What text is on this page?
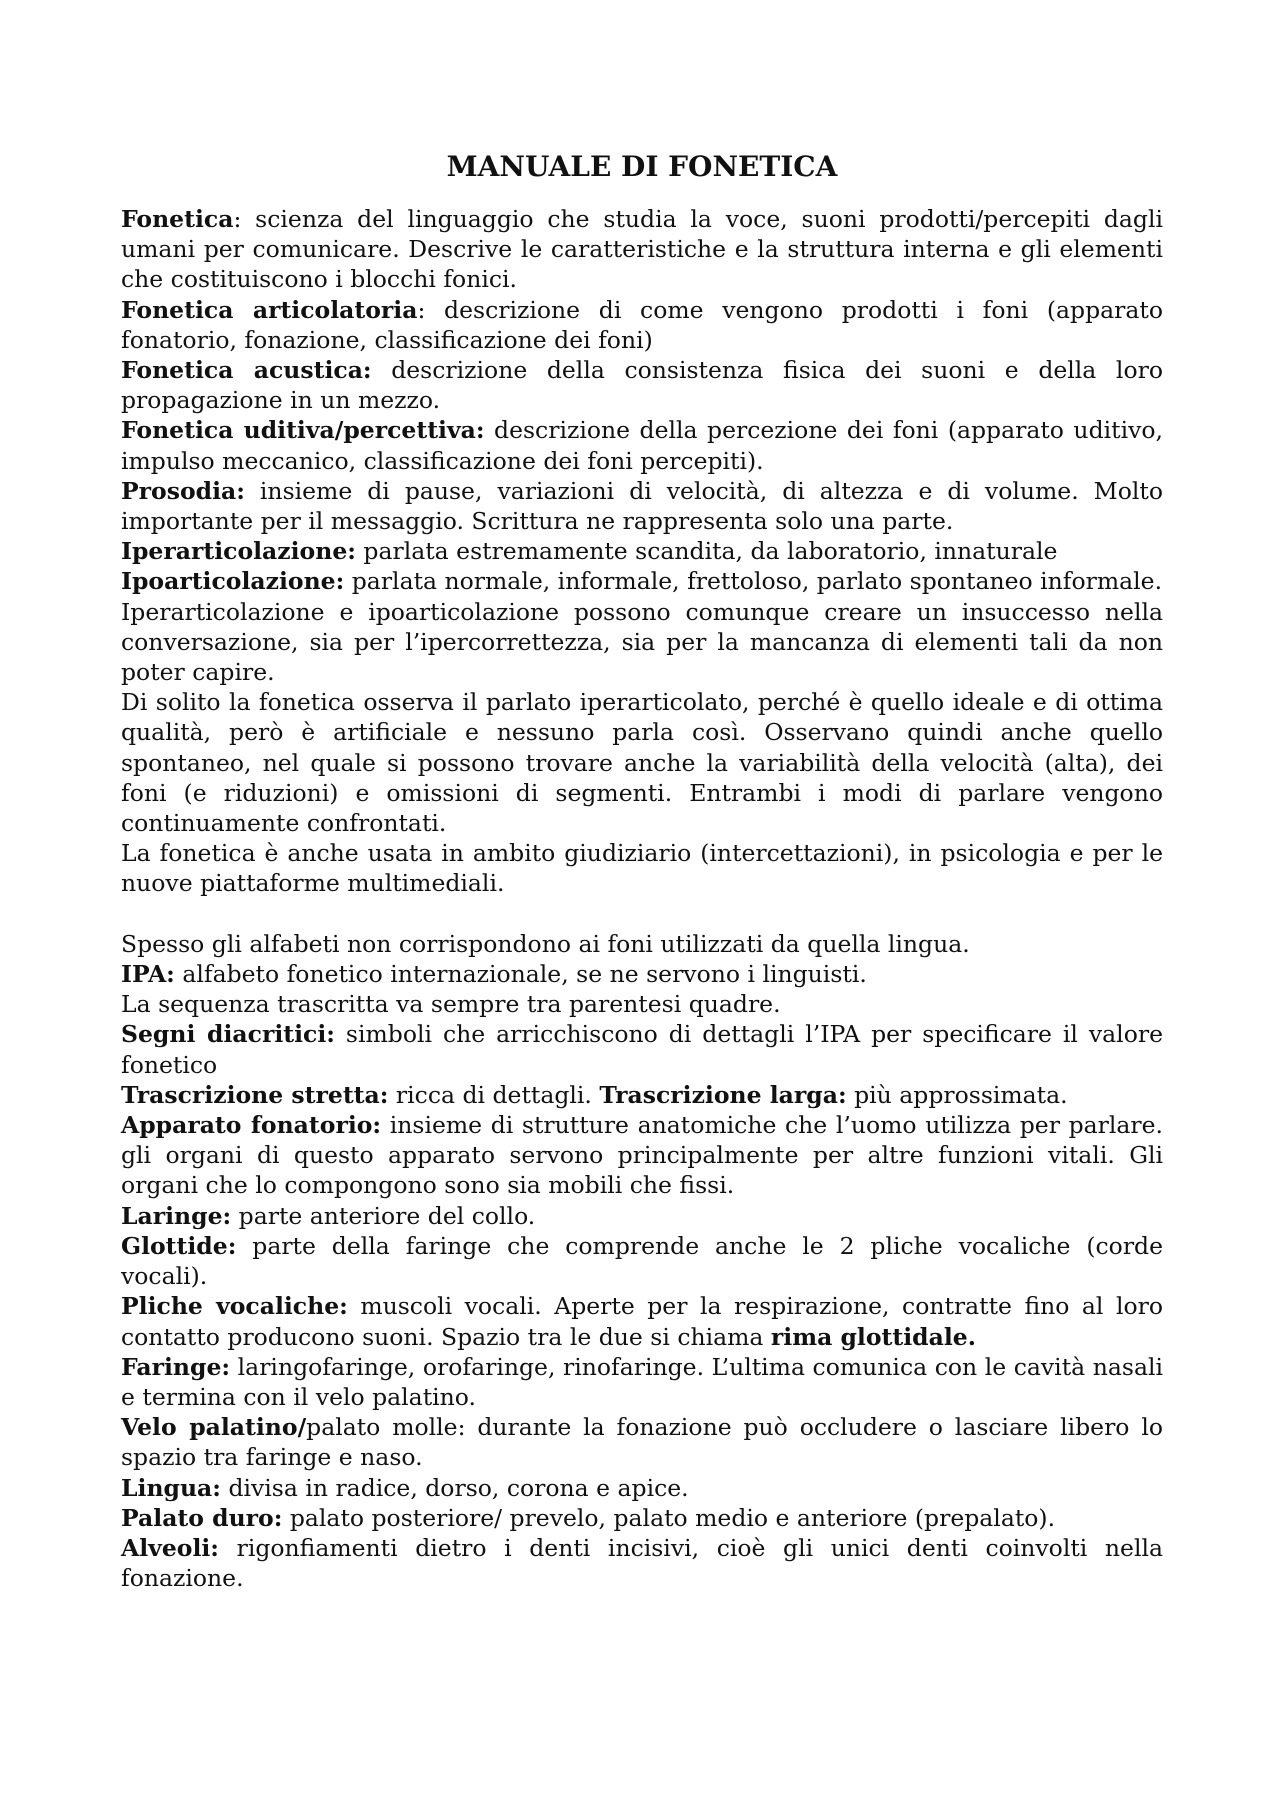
MANUALE DI FONETICA

Fonetica: scienza del linguaggio che studia la voce, suoni prodotti/percepiti dagli umani per comunicare. Descrive le caratteristiche e la struttura interna e gli elementi che costituiscono i blocchi fonici.

Fonetica articolatoria: descrizione di come vengono prodotti i foni (apparato fonatorio, fonazione, classificazione dei foni)

Fonetica acustica: descrizione della consistenza fisica dei suoni e della loro propagazione in un mezzo.

Fonetica uditiva/percettiva: descrizione della percezione dei foni (apparato uditivo, impulso meccanico, classificazione dei foni percepiti).

Prosodia: insieme di pause, variazioni di velocità, di altezza e di volume. Molto importante per il messaggio. Scrittura ne rappresenta solo una parte.

Iperarticolazione: parlata estremamente scandita, da laboratorio, innaturale

Ipoarticolazione: parlata normale, informale, frettoloso, parlato spontaneo informale.

Iperarticolazione e ipoarticolazione possono comunque creare un insuccesso nella conversazione, sia per l’ipercorrettezza, sia per la mancanza di elementi tali da non poter capire.

Di solito la fonetica osserva il parlato iperarticolato, perché è quello ideale e di ottima qualità, però è artificiale e nessuno parla così. Osservano quindi anche quello spontaneo, nel quale si possono trovare anche la variabilità della velocità (alta), dei foni (e riduzioni) e omissioni di segmenti. Entrambi i modi di parlare vengono continuamente confrontati.

La fonetica è anche usata in ambito giudiziario (intercettazioni), in psicologia e per le nuove piattaforme multimediali.

Spesso gli alfabeti non corrispondono ai foni utilizzati da quella lingua.

IPA: alfabeto fonetico internazionale, se ne servono i linguisti.

La sequenza trascritta va sempre tra parentesi quadre.

Segni diacritici: simboli che arricchiscono di dettagli l’IPA per specificare il valore fonetico

Trascrizione stretta: ricca di dettagli. Trascrizione larga: più approssimata.

Apparato fonatorio: insieme di strutture anatomiche che l’uomo utilizza per parlare. gli organi di questo apparato servono principalmente per altre funzioni vitali. Gli organi che lo compongono sono sia mobili che fissi.

Laringe: parte anteriore del collo.

Glottide: parte della faringe che comprende anche le 2 pliche vocaliche (corde vocali).

Pliche vocaliche: muscoli vocali. Aperte per la respirazione, contratte fino al loro contatto producono suoni. Spazio tra le due si chiama rima glottidale.

Faringe: laringofaringe, orofaringe, rinofaringe. L’ultima comunica con le cavità nasali e termina con il velo palatino.

Velo palatino/palato molle: durante la fonazione può occludere o lasciare libero lo spazio tra faringe e naso.

Lingua: divisa in radice, dorso, corona e apice.

Palato duro: palato posteriore/ prevelo, palato medio e anteriore (prepalato).

Alveoli: rigonfiamenti dietro i denti incisivi, cioè gli unici denti coinvolti nella fonazione.
